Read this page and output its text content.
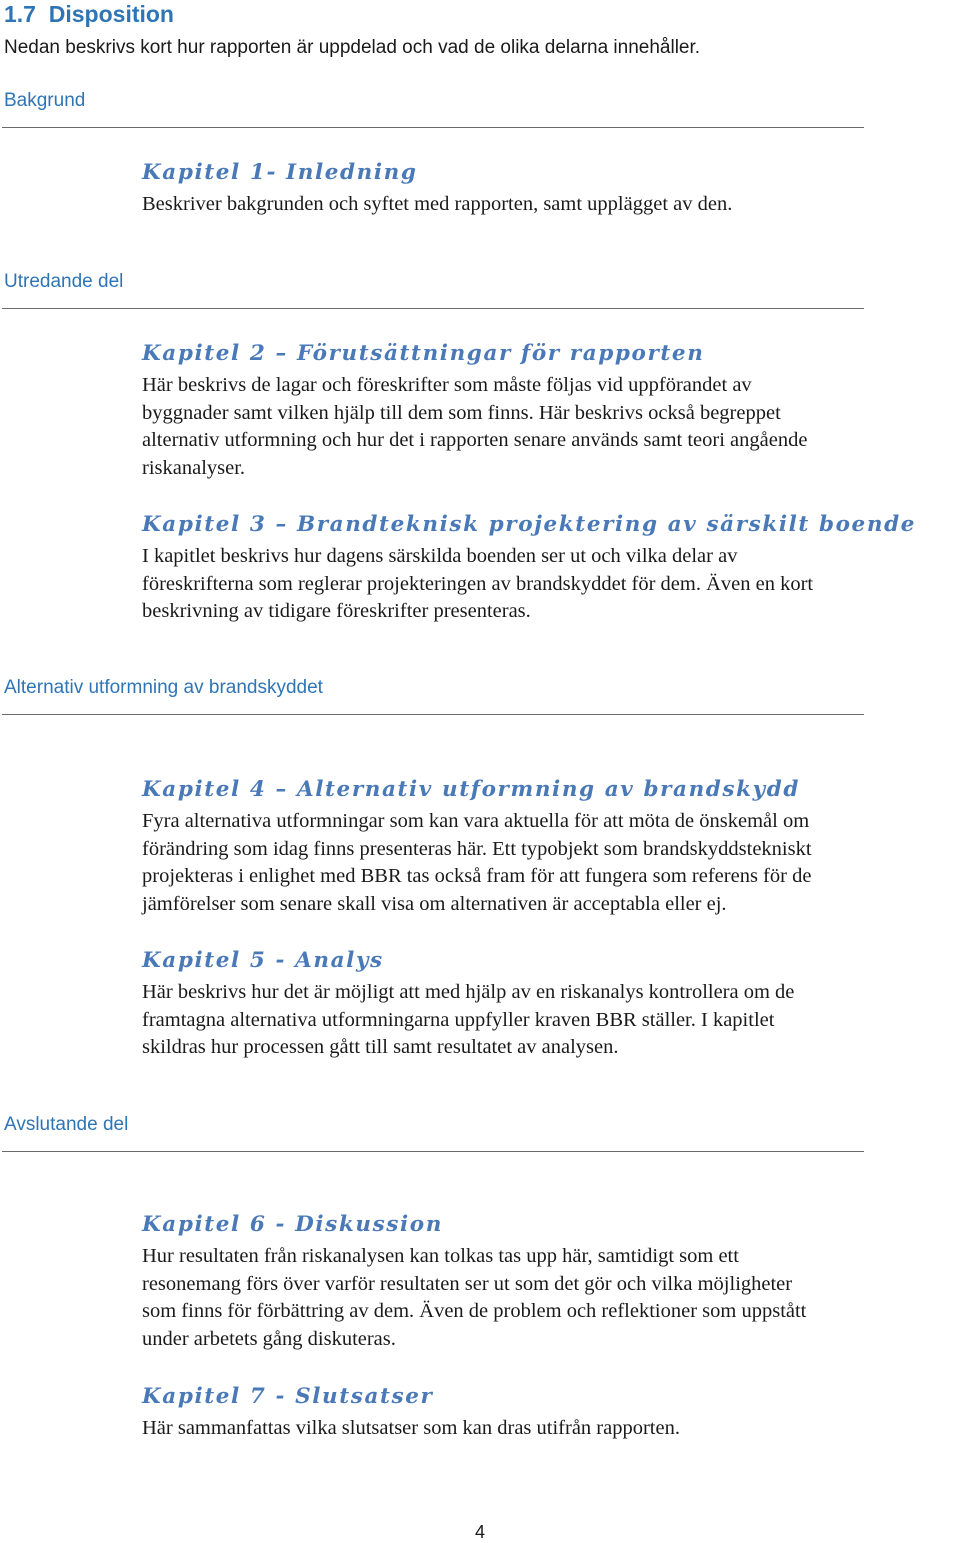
1.7 Disposition

Nedan beskrivs kort hur rapporten är uppdelad och vad de olika delarna innehåller.

Bakgrund
Kapitel 1- Inledning

Beskriver bakgrunden och syftet med rapporten, samt upplägget av den.

Utredande del
Kapitel 2 – Förutsättningar för rapporten

Här beskrivs de lagar och föreskrifter som måste följas vid uppförandet av
byggnader samt vilken hjälp till dem som finns. Här beskrivs också begreppet
alternativ utformning och hur det i rapporten senare används samt teori angående
riskanalyser.

Kapitel 3 – Brandteknisk projektering av särskilt boende

I kapitlet beskrivs hur dagens särskilda boenden ser ut och vilka delar av
föreskrifterna som reglerar projekteringen av brandskyddet för dem. Även en kort
beskrivning av tidigare föreskrifter presenteras.

Alternativ utformning av brandskyddet
Kapitel 4 – Alternativ utformning av brandskydd

Fyra alternativa utformningar som kan vara aktuella för att möta de önskemål om
förändring som idag finns presenteras här. Ett typobjekt som brandskyddstekniskt
projekteras i enlighet med BBR tas också fram för att fungera som referens för de
jämförelser som senare skall visa om alternativen är acceptabla eller ej.

Kapitel 5 - Analys

Här beskrivs hur det är möjligt att med hjälp av en riskanalys kontrollera om de
framtagna alternativa utformningarna uppfyller kraven BBR ställer. I kapitlet
skildras hur processen gått till samt resultatet av analysen.

Avslutande del
Kapitel 6 - Diskussion

Hur resultaten från riskanalysen kan tolkas tas upp här, samtidigt som ett
resonemang förs över varför resultaten ser ut som det gör och vilka möjligheter
som finns för förbättring av dem. Även de problem och reflektioner som uppstått
under arbetets gång diskuteras.

Kapitel 7 - Slutsatser

Här sammanfattas vilka slutsatser som kan dras utifrån rapporten.

4
